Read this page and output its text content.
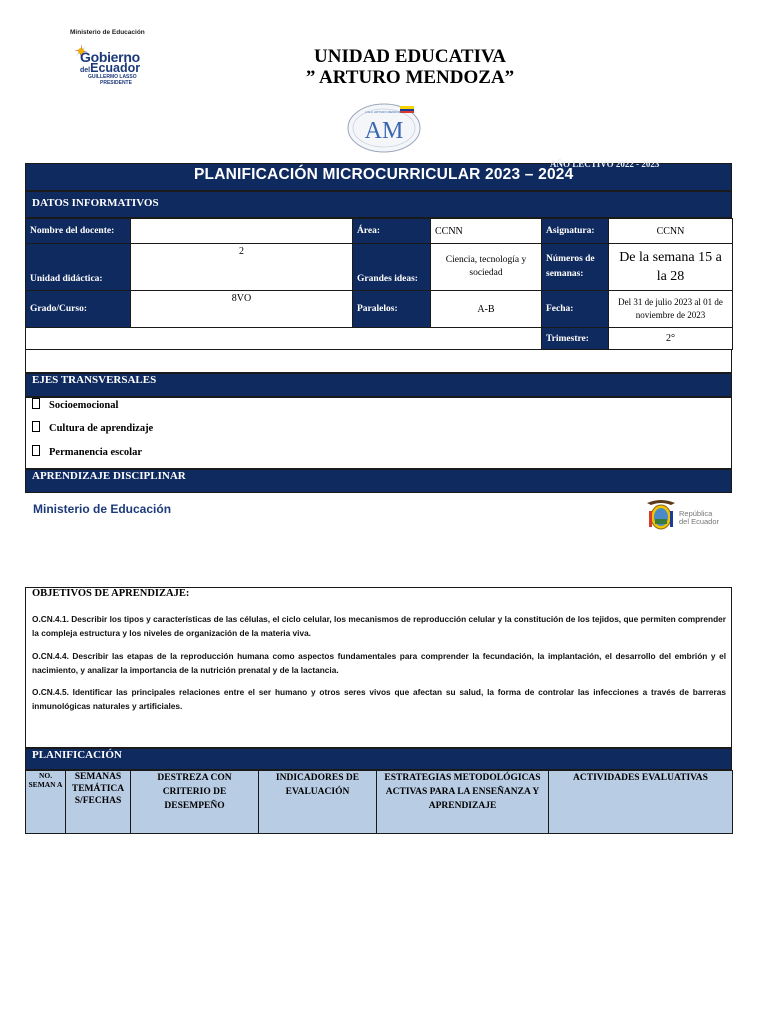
Ministerio de Educación
Gobierno
delEcuador
GUILLERMO LASSO
PRESIDENTE
UNIDAD EDUCATIVA
” ARTURO MENDOZA”
AM
U.E.F. ARTURO MENDOZA
AÑO LECTIVO 2022 - 2023
PLANIFICACIÓN MICROCURRICULAR 2023 – 2024
DATOS INFORMATIVOS
Nombre del docente:		Área:	CCNN	Asignatura:	CCNN
Unidad didáctica:	2	Grandes ideas:	Ciencia, tecnología y sociedad	Números de semanas:	De la semana 15 a la 28
Grado/Curso:	8VO	Paralelos:	A-B	Fecha:	Del 31 de julio 2023 al 01 de noviembre de 2023
				Trimestre:	2°
EJES TRANSVERSALES
Socioemocional
Cultura de aprendizaje
Permanencia escolar
APRENDIZAJE DISCIPLINAR
Ministerio de Educación	República
del Ecuador
OBJETIVOS DE APRENDIZAJE:
O.CN.4.1. Describir los tipos y características de las células, el ciclo celular, los mecanismos de reproducción celular y la constitución de los tejidos, que permiten comprender la compleja estructura y los niveles de organización de la materia viva.
O.CN.4.4. Describir las etapas de la reproducción humana como aspectos fundamentales para comprender la fecundación, la implantación, el desarrollo del embrión y el nacimiento, y analizar la importancia de la nutrición prenatal y de la lactancia.
O.CN.4.5. Identificar las principales relaciones entre el ser humano y otros seres vivos que afectan su salud, la forma de controlar las infecciones a través de barreras inmunológicas naturales y artificiales.
PLANIFICACIÓN
NO. SEMAN A	SEMANAS TEMÁTICA S/FECHAS	DESTREZA CON CRITERIO DE DESEMPEÑO	INDICADORES DE EVALUACIÓN	ESTRATEGIAS METODOLÓGICAS ACTIVAS PARA LA ENSEÑANZA Y APRENDIZAJE	ACTIVIDADES EVALUATIVAS
